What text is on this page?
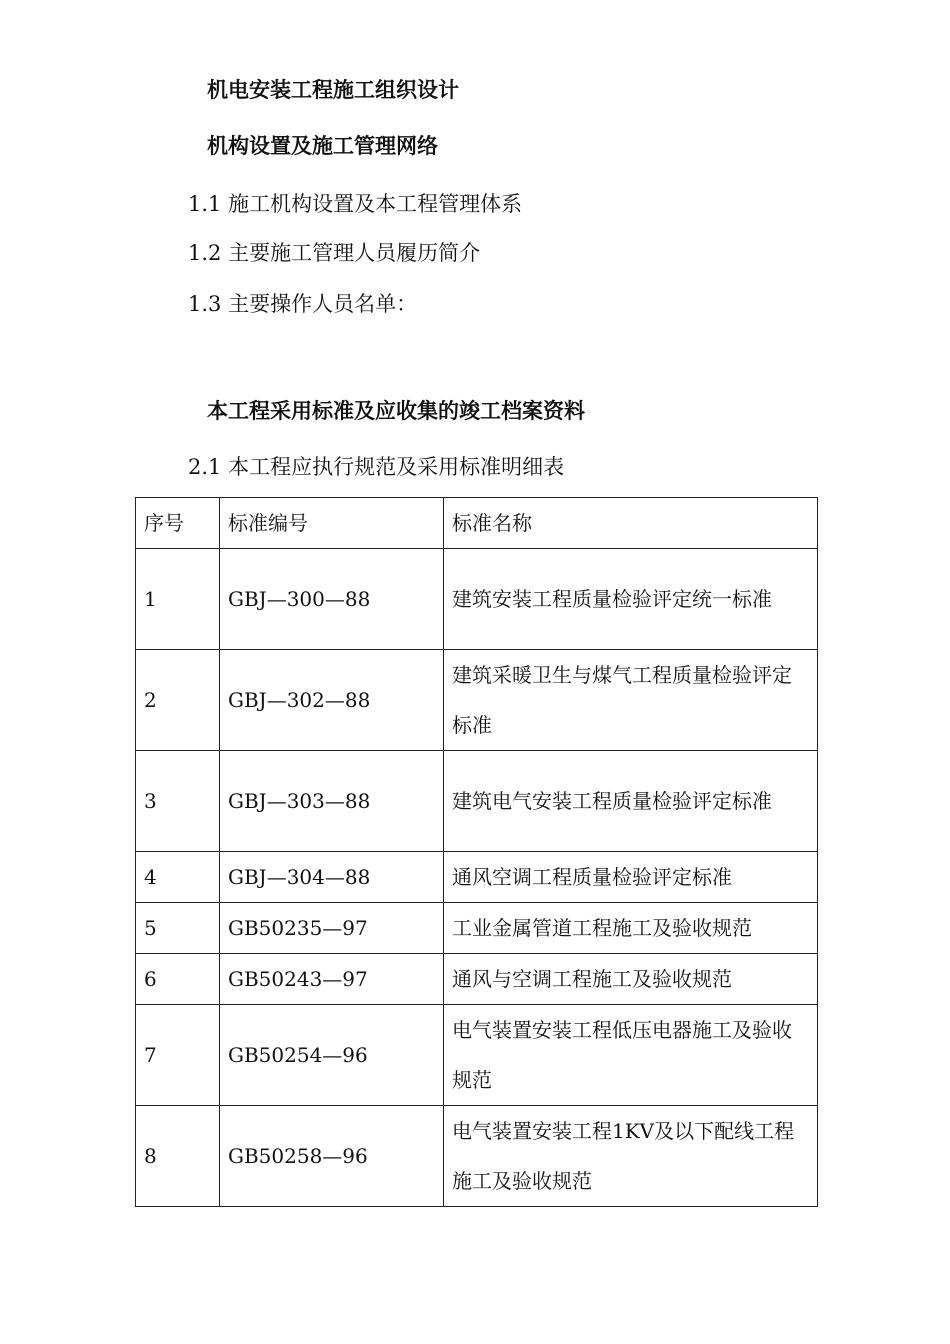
机电安装工程施工组织设计
机构设置及施工管理网络
1.1 施工机构设置及本工程管理体系
1.2 主要施工管理人员履历简介
1.3 主要操作人员名单：
本工程采用标准及应收集的竣工档案资料
2.1 本工程应执行规范及采用标准明细表
序号	标准编号	标准名称
1	GBJ—300—88	建筑安装工程质量检验评定统一标准
2	GBJ—302—88	建筑采暖卫生与煤气工程质量检验评定标准
3	GBJ—303—88	建筑电气安装工程质量检验评定标准
4	GBJ—304—88	通风空调工程质量检验评定标准
5	GB50235—97	工业金属管道工程施工及验收规范
6	GB50243—97	通风与空调工程施工及验收规范
7	GB50254—96	电气装置安装工程低压电器施工及验收规范
8	GB50258—96	电气装置安装工程1KV及以下配线工程施工及验收规范
